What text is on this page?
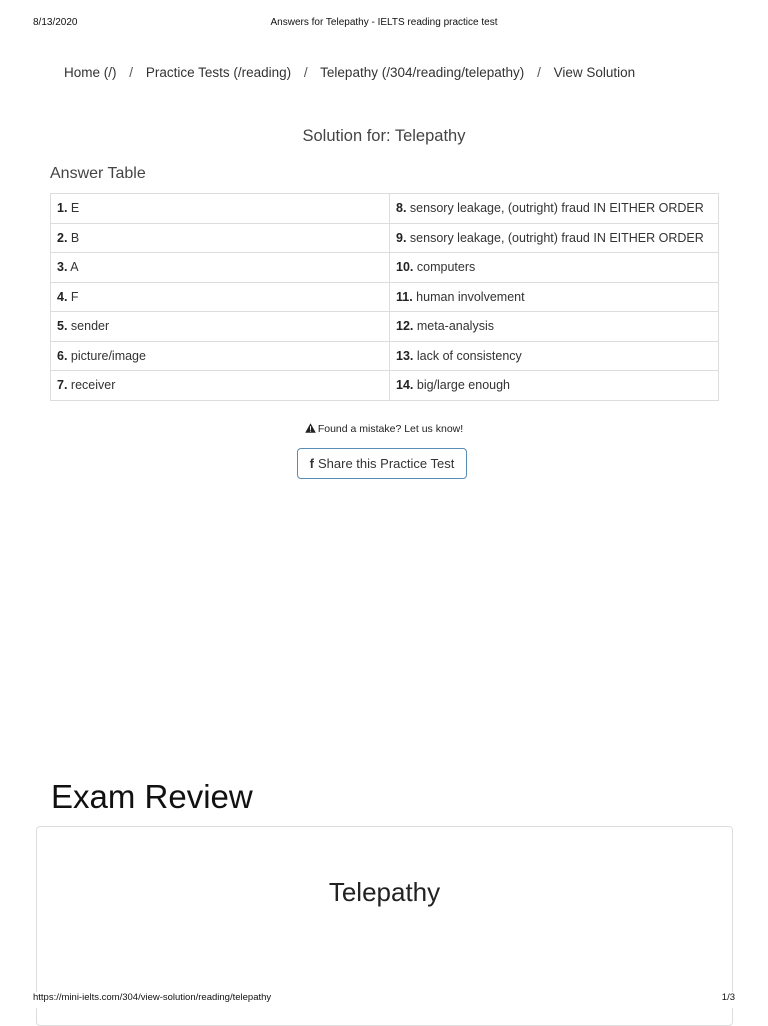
8/13/2020	Answers for Telepathy - IELTS reading practice test
Home (/) / Practice Tests (/reading) / Telepathy (/304/reading/telepathy) / View Solution
Solution for: Telepathy
Answer Table
1. E	8. sensory leakage, (outright) fraud IN EITHER ORDER
2. B	9. sensory leakage, (outright) fraud IN EITHER ORDER
3. A	10. computers
4. F	11. human involvement
5. sender	12. meta-analysis
6. picture/image	13. lack of consistency
7. receiver	14. big/large enough
Found a mistake? Let us know!
f Share this Practice Test
Exam Review
Telepathy
https://mini-ielts.com/304/view-solution/reading/telepathy	1/3
